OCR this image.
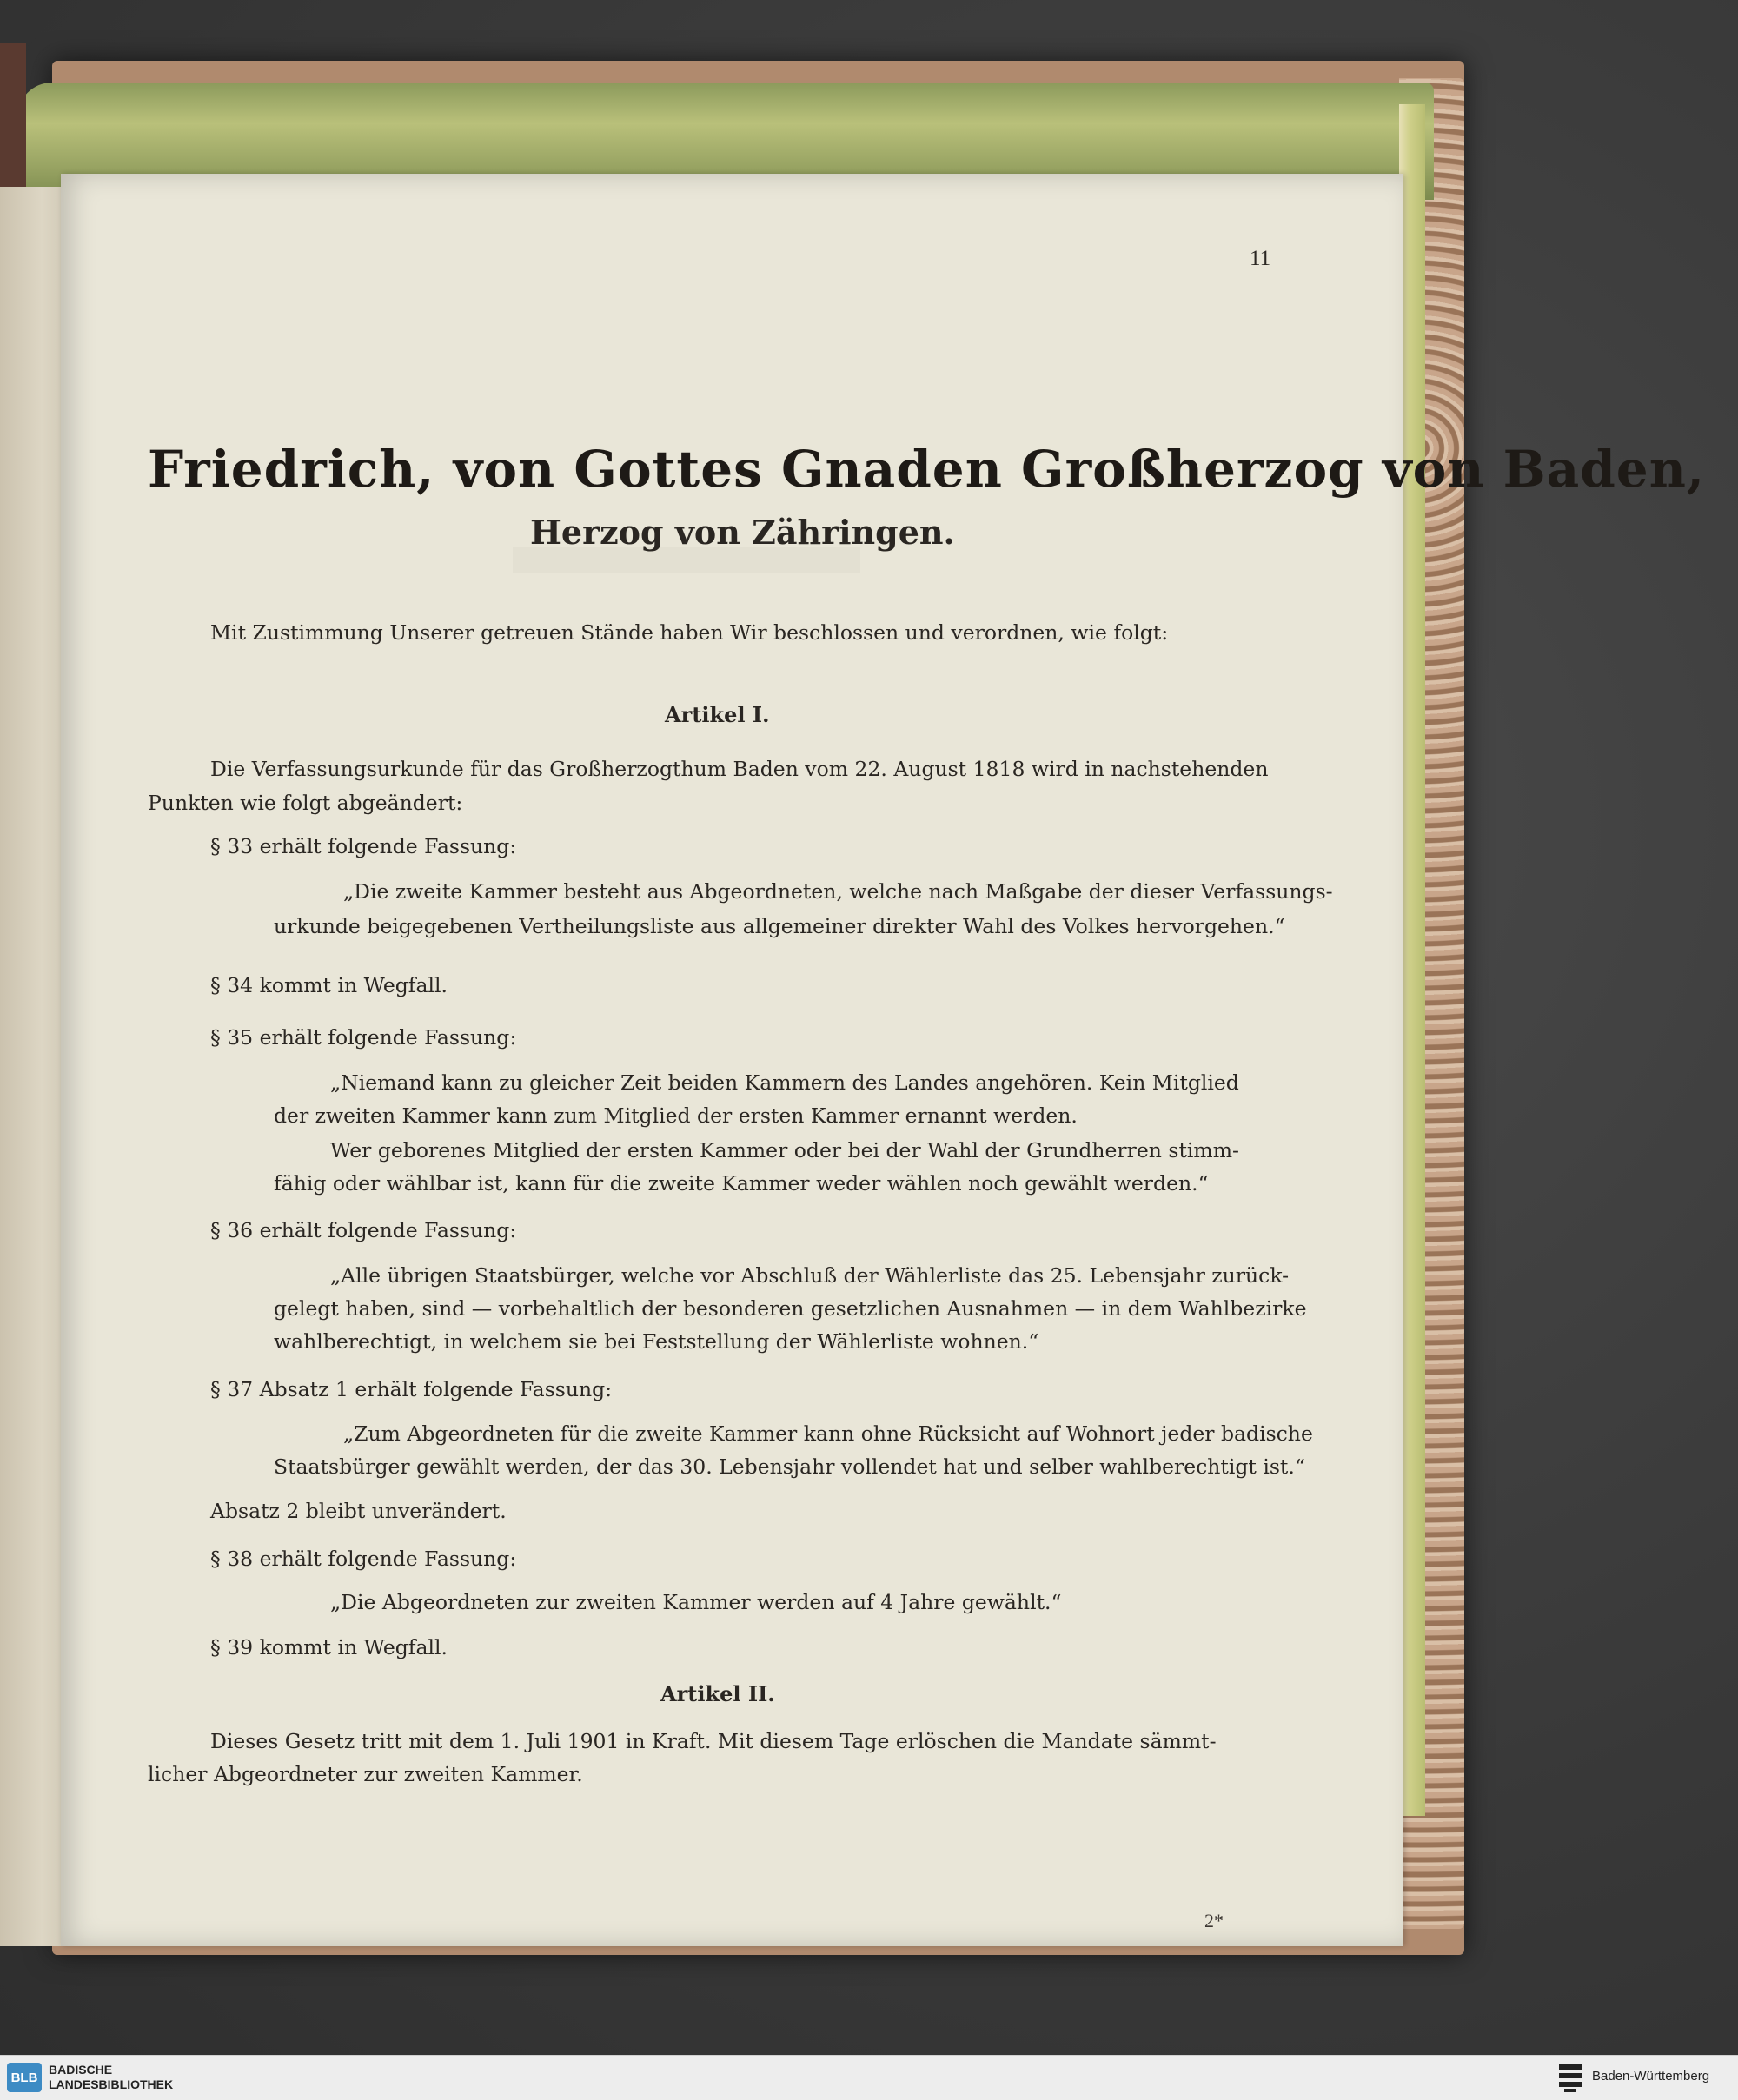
11
Friedrich, von Gottes Gnaden Großherzog von Baden,
Herzog von Zähringen.
Mit Zustimmung Unserer getreuen Stände haben Wir beschlossen und verordnen, wie folgt:
Artikel I.
Die Verfassungsurkunde für das Großherzogthum Baden vom 22. August 1818 wird in nachstehenden
Punkten wie folgt abgeändert:
§ 33 erhält folgende Fassung:
„Die zweite Kammer besteht aus Abgeordneten, welche nach Maßgabe der dieser Verfassungs-
urkunde beigegebenen Vertheilungsliste aus allgemeiner direkter Wahl des Volkes hervorgehen.“
§ 34 kommt in Wegfall.
§ 35 erhält folgende Fassung:
„Niemand kann zu gleicher Zeit beiden Kammern des Landes angehören. Kein Mitglied
der zweiten Kammer kann zum Mitglied der ersten Kammer ernannt werden.
Wer geborenes Mitglied der ersten Kammer oder bei der Wahl der Grundherren stimm-
fähig oder wählbar ist, kann für die zweite Kammer weder wählen noch gewählt werden.“
§ 36 erhält folgende Fassung:
„Alle übrigen Staatsbürger, welche vor Abschluß der Wählerliste das 25. Lebensjahr zurück-
gelegt haben, sind — vorbehaltlich der besonderen gesetzlichen Ausnahmen — in dem Wahlbezirke
wahlberechtigt, in welchem sie bei Feststellung der Wählerliste wohnen.“
§ 37 Absatz 1 erhält folgende Fassung:
„Zum Abgeordneten für die zweite Kammer kann ohne Rücksicht auf Wohnort jeder badische
Staatsbürger gewählt werden, der das 30. Lebensjahr vollendet hat und selber wahlberechtigt ist.“
Absatz 2 bleibt unverändert.
§ 38 erhält folgende Fassung:
„Die Abgeordneten zur zweiten Kammer werden auf 4 Jahre gewählt.“
§ 39 kommt in Wegfall.
Artikel II.
Dieses Gesetz tritt mit dem 1. Juli 1901 in Kraft. Mit diesem Tage erlöschen die Mandate sämmt-
licher Abgeordneter zur zweiten Kammer.
2*
BLB
BADISCHE
LANDESBIBLIOTHEK
Baden-Württemberg
